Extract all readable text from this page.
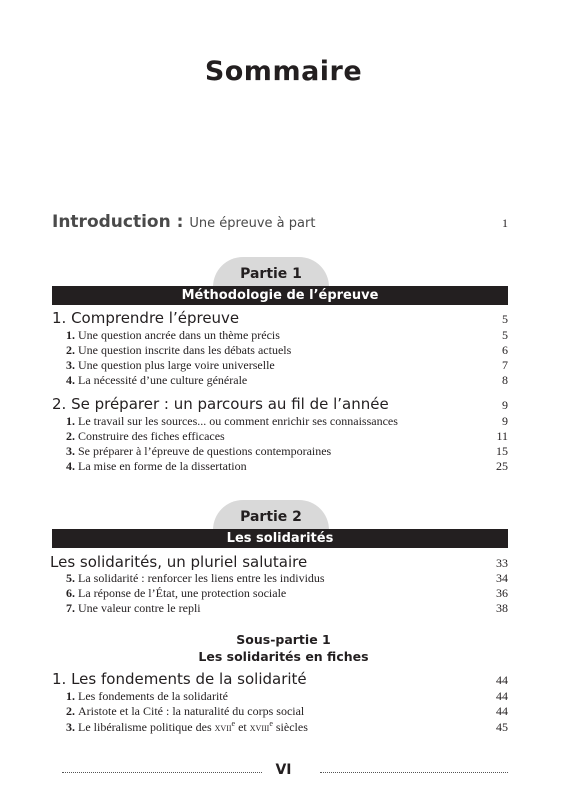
Sommaire
Introduction : Une épreuve à part	1
Partie 1
Méthodologie de l’épreuve
1. Comprendre l’épreuve	5
1. Une question ancrée dans un thème précis	5
2. Une question inscrite dans les débats actuels	6
3. Une question plus large voire universelle	7
4. La nécessité d’une culture générale	8
2. Se préparer : un parcours au fil de l’année	9
1. Le travail sur les sources... ou comment enrichir ses connaissances	9
2. Construire des fiches efficaces	11
3. Se préparer à l’épreuve de questions contemporaines	15
4. La mise en forme de la dissertation	25
Partie 2
Les solidarités
Les solidarités, un pluriel salutaire	33
5. La solidarité : renforcer les liens entre les individus	34
6. La réponse de l’État, une protection sociale	36
7. Une valeur contre le repli	38
Sous-partie 1
Les solidarités en fiches
1. Les fondements de la solidarité	44
1. Les fondements de la solidarité	44
2. Aristote et la Cité : la naturalité du corps social	44
3. Le libéralisme politique des xvii$^e$ et xviii$^e$ siècles	45
VI
